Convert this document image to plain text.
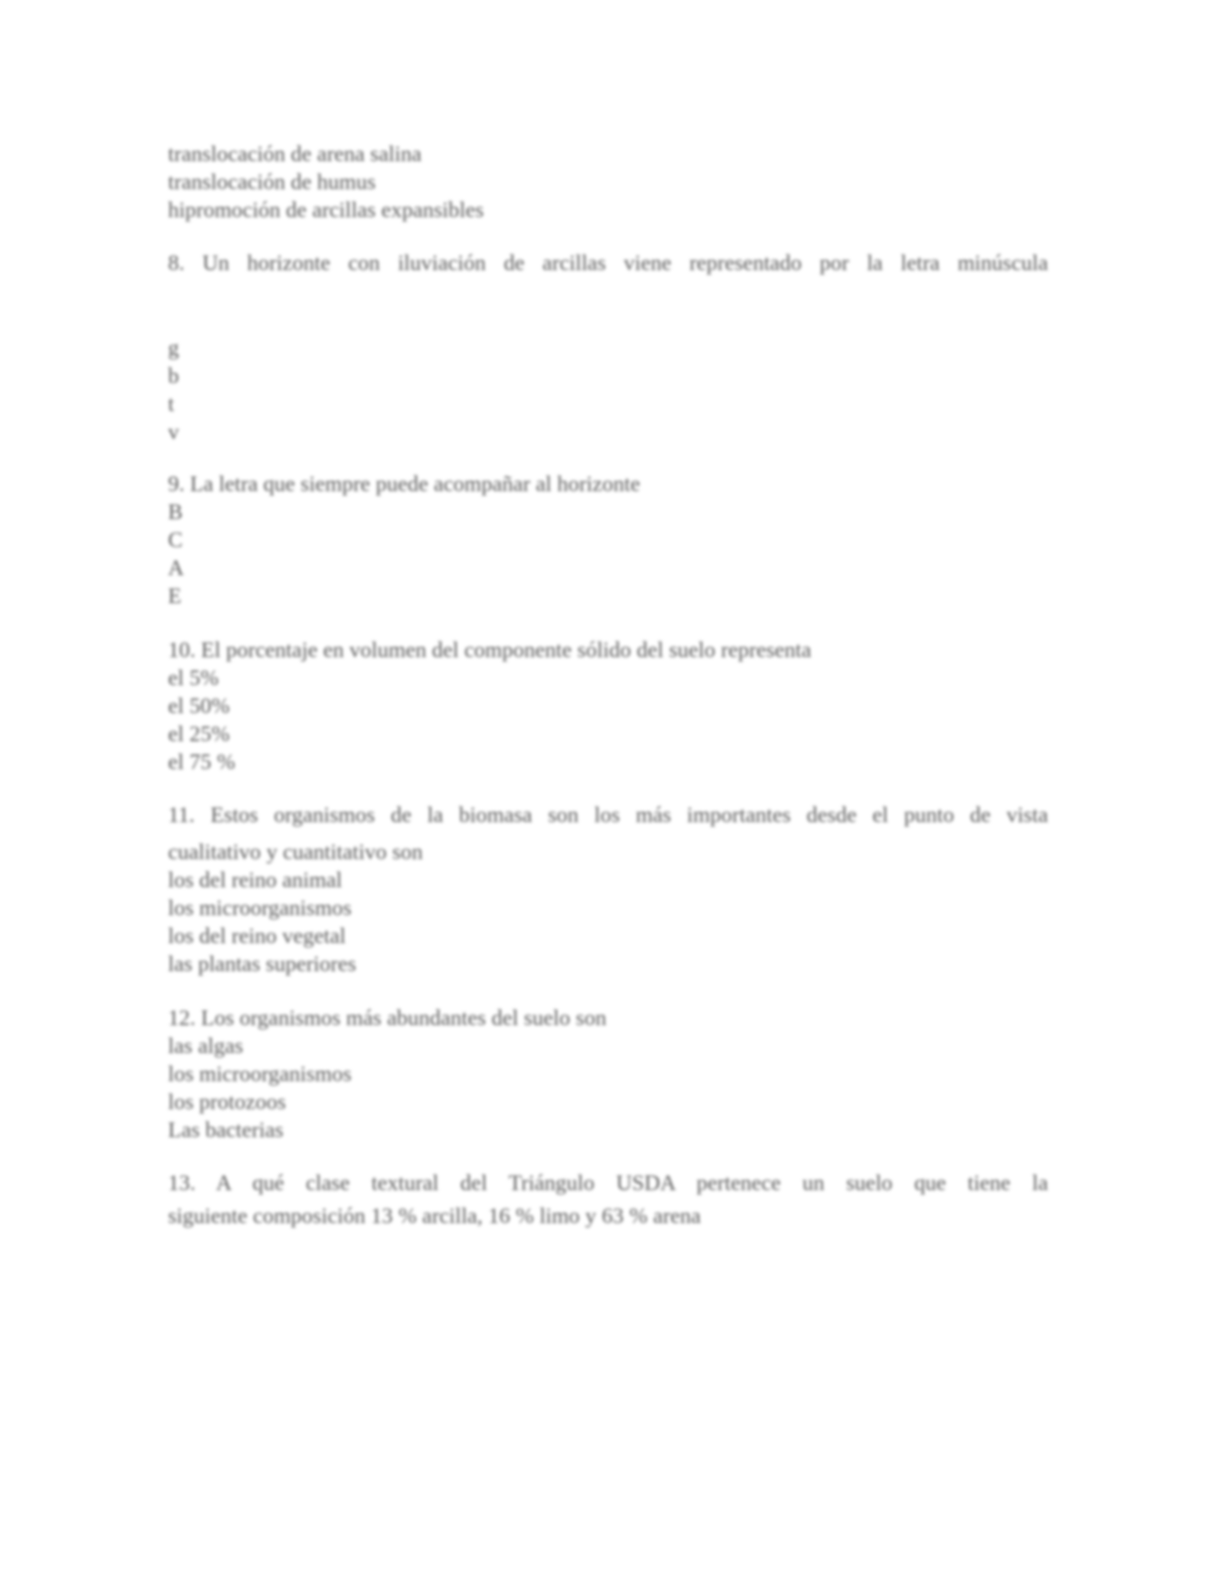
translocación de arena salina
translocación de humus
hipromoción de arcillas expansibles
8. Un horizonte con iluviación de arcillas viene representado por la letra minúscula
g
b
t
v
9. La letra que siempre puede acompañar al horizonte
B
C
A
E
10. El porcentaje en volumen del componente sólido del suelo representa
el 5%
el 50%
el 25%
el 75 %
11. Estos organismos de la biomasa son los más importantes desde el punto de vista
cualitativo y cuantitativo son
los del reino animal
los microorganismos
los del reino vegetal
las plantas superiores
12. Los organismos más abundantes del suelo son
las algas
los microorganismos
los protozoos
Las bacterias
13. A qué clase textural del Triángulo USDA pertenece un suelo que tiene la
siguiente composición 13 % arcilla, 16 % limo y 63 % arena
